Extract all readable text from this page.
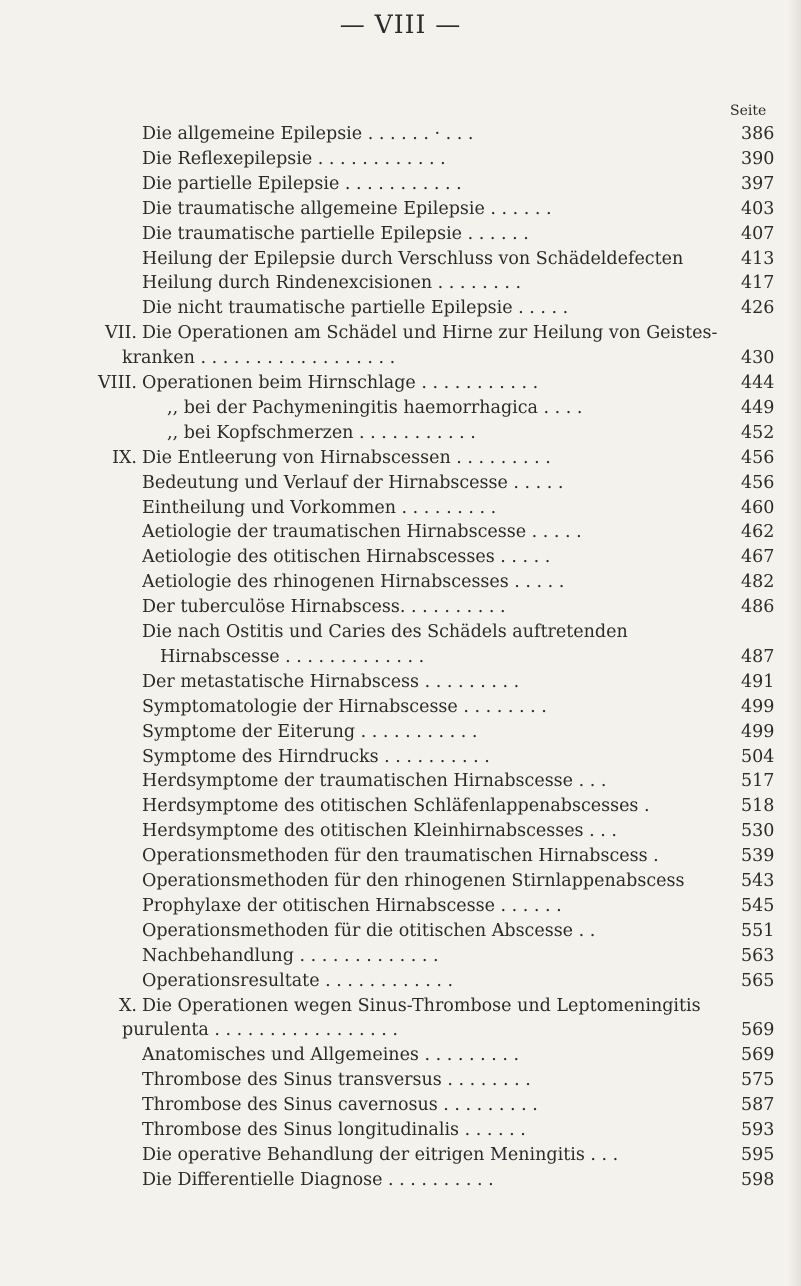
— VIII —
Seite
Die allgemeine Epilepsie . . . . . . · . . .	386
Die Reflexepilepsie . . . . . . . . . . . .	390
Die partielle Epilepsie . . . . . . . . . . .	397
Die traumatische allgemeine Epilepsie . . . . . .	403
Die traumatische partielle Epilepsie . . . . . .	407
Heilung der Epilepsie durch Verschluss von Schädeldefecten	413
Heilung durch Rindenexcisionen . . . . . . . .	417
Die nicht traumatische partielle Epilepsie . . . . .	426
VII. Die Operationen am Schädel und Hirne zur Heilung von Geistes-
kranken . . . . . . . . . . . . . . . . . .	430
VIII. Operationen beim Hirnschlage . . . . . . . . . . .	444
,, bei der Pachymeningitis haemorrhagica . . . .	449
,, bei Kopfschmerzen . . . . . . . . . . .	452
IX. Die Entleerung von Hirnabscessen . . . . . . . . .	456
Bedeutung und Verlauf der Hirnabscesse . . . . .	456
Eintheilung und Vorkommen . . . . . . . . .	460
Aetiologie der traumatischen Hirnabscesse . . . . .	462
Aetiologie des otitischen Hirnabscesses . . . . .	467
Aetiologie des rhinogenen Hirnabscesses . . . . .	482
Der tuberculöse Hirnabscess. . . . . . . . . .	486
Die nach Ostitis und Caries des Schädels auftretenden
Hirnabscesse . . . . . . . . . . . . .	487
Der metastatische Hirnabscess . . . . . . . . .	491
Symptomatologie der Hirnabscesse . . . . . . . .	499
Symptome der Eiterung . . . . . . . . . . .	499
Symptome des Hirndrucks . . . . . . . . . .	504
Herdsymptome der traumatischen Hirnabscesse . . .	517
Herdsymptome des otitischen Schläfenlappenabscesses .	518
Herdsymptome des otitischen Kleinhirnabscesses . . .	530
Operationsmethoden für den traumatischen Hirnabscess .	539
Operationsmethoden für den rhinogenen Stirnlappenabscess	543
Prophylaxe der otitischen Hirnabscesse . . . . . .	545
Operationsmethoden für die otitischen Abscesse . .	551
Nachbehandlung . . . . . . . . . . . . .	563
Operationsresultate . . . . . . . . . . . .	565
X. Die Operationen wegen Sinus-Thrombose und Leptomeningitis
purulenta . . . . . . . . . . . . . . . . .	569
Anatomisches und Allgemeines . . . . . . . . .	569
Thrombose des Sinus transversus . . . . . . . .	575
Thrombose des Sinus cavernosus . . . . . . . . .	587
Thrombose des Sinus longitudinalis . . . . . .	593
Die operative Behandlung der eitrigen Meningitis . . .	595
Die Differentielle Diagnose . . . . . . . . . .	598
